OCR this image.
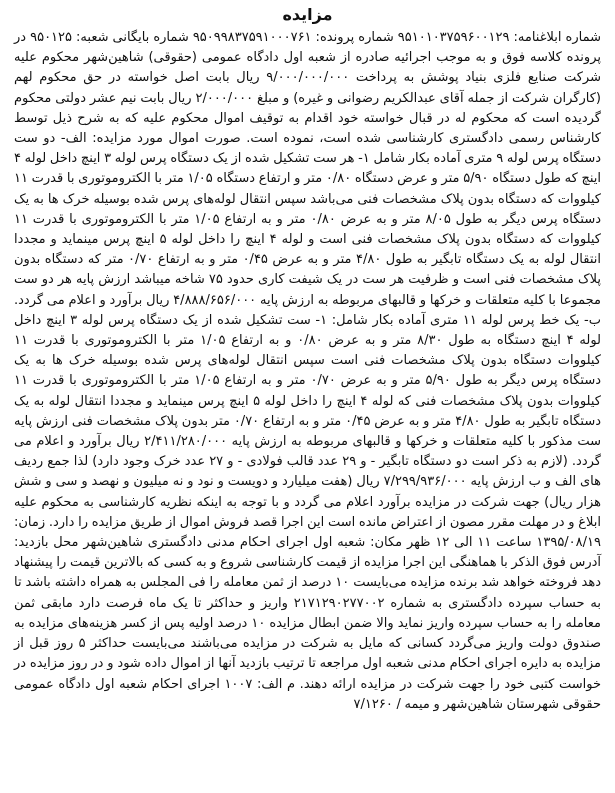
مزایده

شماره ابلاغنامه: ۹۵۱۰۱۰۳۷۵۹۶۰۰۱۲۹ شماره پرونده: ۹۵۰۹۹۸۳۷۵۹۱۰۰۰۷۶۱ شماره بایگانی شعبه: ۹۵۰۱۲۵ در پرونده کلاسه فوق و به موجب اجرائیه صادره از شعبه اول دادگاه عمومی (حقوقی) شاهین‌شهر محکوم علیه شرکت صنایع فلزی بنیاد پوشش به پرداخت ۹/۰۰۰/۰۰۰/۰۰۰ ریال بابت اصل خواسته در حق محکوم لهم (کارگران شرکت از جمله آقای عبدالکریم رضوانی و غیره) و مبلغ ۲/۰۰۰/۰۰۰ ریال بابت نیم عشر دولتی محکوم گردیده است که محکوم له در قبال خواسته خود اقدام به توقیف اموال محکوم علیه که به شرح ذیل توسط کارشناس رسمی دادگستری کارشناسی شده است، نموده است. صورت اموال مورد مزایده: الف- دو ست دستگاه پرس لوله ۹ متری آماده بکار شامل ۱- هر ست تشکیل شده از یک دستگاه پرس لوله ۳ اینچ داخل لوله ۴ اینچ که طول دستگاه ۵/۹۰ متر و عرض دستگاه ۰/۸۰ متر و ارتفاع دستگاه ۱/۰۵ متر با الکتروموتوری با قدرت ۱۱ کیلووات که دستگاه بدون پلاک مشخصات فنی می‌باشد سپس انتقال لوله‌های پرس شده بوسیله خرک ها به یک دستگاه پرس دیگر به طول ۸/۰۵ متر و به عرض ۰/۸۰ متر و به ارتفاع ۱/۰۵ متر با الکتروموتوری با قدرت ۱۱ کیلووات که دستگاه بدون پلاک مشخصات فنی است و لوله ۴ اینچ را داخل لوله ۵ اینچ پرس مینماید و مجددا انتقال لوله به یک دستگاه تابگیر به طول ۴/۸۰ متر و به عرض ۰/۴۵ متر و به ارتفاع ۰/۷۰ متر که دستگاه بدون پلاک مشخصات فنی است و ظرفیت هر ست در یک شیفت کاری حدود ۷۵ شاخه میباشد ارزش پایه هر دو ست مجموعا با کلیه متعلقات و خرکها و قالبهای مربوطه به ارزش پایه ۴/۸۸۸/۶۵۶/۰۰۰ ریال برآورد و اعلام می گردد. ب- یک خط پرس لوله ۱۱ متری آماده بکار شامل: ۱- ست تشکیل شده از یک دستگاه پرس لوله ۳ اینچ داخل لوله ۴ اینچ دستگاه به طول ۸/۳۰ متر و به عرض ۰/۸۰ و به ارتفاع ۱/۰۵ متر با الکتروموتوری با قدرت ۱۱ کیلووات دستگاه بدون پلاک مشخصات فنی است سپس انتقال لوله‌های پرس شده بوسیله خرک ها به یک دستگاه پرس دیگر به طول ۵/۹۰ متر و به عرض ۰/۷۰ متر و به ارتفاع ۱/۰۵ متر با الکتروموتوری با قدرت ۱۱ کیلووات بدون پلاک مشخصات فنی که لوله ۴ اینچ را داخل لوله ۵ اینچ پرس مینماید و مجددا انتقال لوله به یک دستگاه تابگیر به طول ۴/۸۰ متر و به عرض ۰/۴۵ متر و به ارتفاع ۰/۷۰ متر بدون پلاک مشخصات فنی ارزش پایه ست مذکور با کلیه متعلقات و خرکها و قالبهای مربوطه به ارزش پایه ۲/۴۱۱/۲۸۰/۰۰۰ ریال برآورد و اعلام می گردد. (لازم به ذکر است دو دستگاه تابگیر - و ۲۹ عدد قالب فولادی - و ۲۷ عدد خرک وجود دارد) لذا جمع ردیف های الف و ب ارزش پایه ۷/۲۹۹/۹۳۶/۰۰۰ ریال (هفت میلیارد و دویست و نود و نه میلیون و نهصد و سی و شش هزار ریال) جهت شرکت در مزایده برآورد اعلام می گردد و با توجه به اینکه نظریه کارشناسی به محکوم علیه ابلاغ و در مهلت مقرر مصون از اعتراض مانده است این اجرا قصد فروش اموال از طریق مزایده را دارد. زمان: ۱۳۹۵/۰۸/۱۹ ساعت ۱۱ الی ۱۲ ظهر مکان: شعبه اول اجرای احکام مدنی دادگستری شاهین‌شهر محل بازدید: آدرس فوق الذکر با هماهنگی این اجرا مزایده از قیمت کارشناسی شروع و به کسی که بالاترین قیمت را پیشنهاد دهد فروخته خواهد شد برنده مزایده می‌بایست ۱۰ درصد از ثمن معامله را فی المجلس به همراه داشته باشد تا به حساب سپرده دادگستری به شماره ۲۱۷۱۲۹۰۲۷۷۰۰۲ واریز و حداکثر تا یک ماه فرصت دارد مابقی ثمن معامله را به حساب سپرده واریز نماید والا ضمن ابطال مزایده ۱۰ درصد اولیه پس از کسر هزینه‌های مزایده به صندوق دولت واریز می‌گردد کسانی که مایل به شرکت در مزایده می‌باشند می‌بایست حداکثر ۵ روز قبل از مزایده به دایره اجرای احکام مدنی شعبه اول مراجعه تا ترتیب بازدید آنها از اموال داده شود و در روز مزایده در خواست کتبی خود را جهت شرکت در مزایده ارائه دهند. م الف: ۱۰۰۷ اجرای احکام شعبه اول دادگاه عمومی حقوقی شهرستان شاهین‌شهر و میمه / ۷/۱۲۶۰
